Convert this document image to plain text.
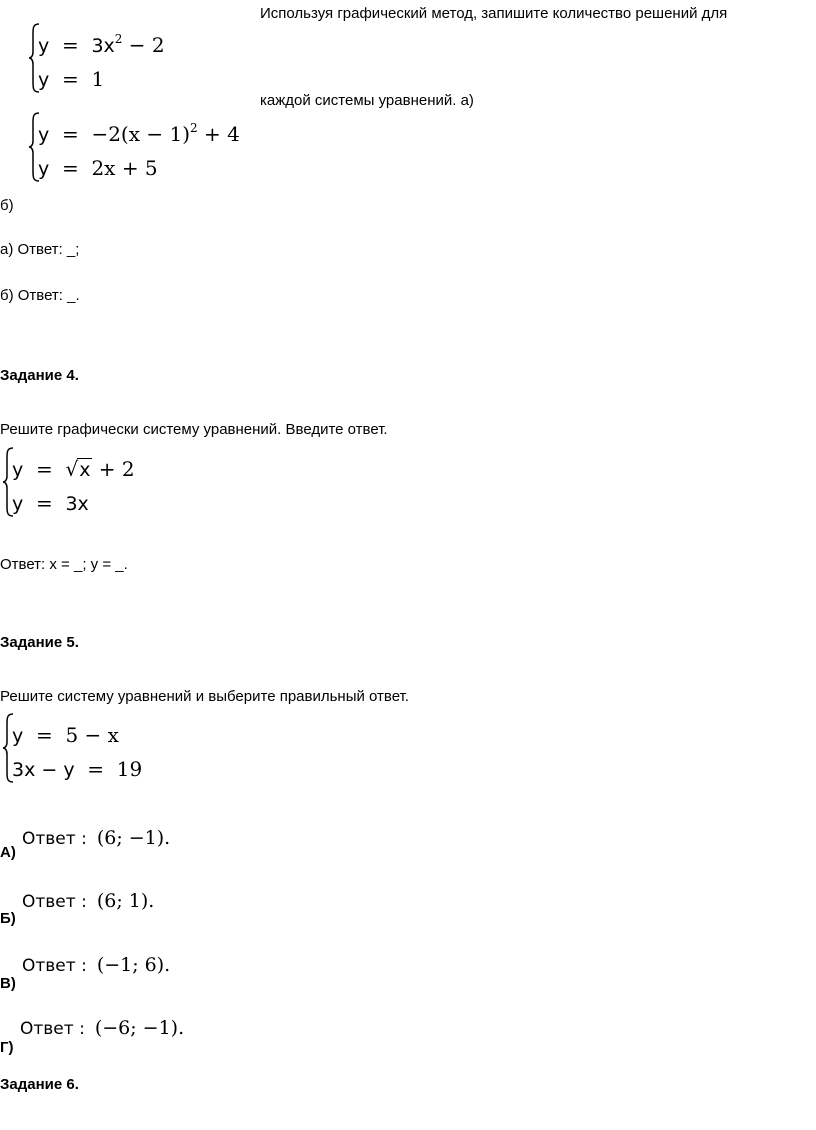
Используя графический метод, запишите количество решений для
каждой системы уравнений. а)
$y = 3x^2 - 2$
y = 1
$y = -2(x - 1)^2 + 4$
y = 2x + 5
б)
а) Ответ: _;
б) Ответ: _.
Задание 4.
Решите графически систему уравнений. Введите ответ.
y =  √x + 2
y = 3x
Ответ: x = _; y = _.
Задание 5.
Решите систему уравнений и выберите правильный ответ.
y = 5 − x
3x − y = 19
А)
Ответ : (6; −1).
Б)
Ответ : (6; 1).
В)
Ответ : (−1; 6).
Г)
Ответ : (−6; −1).
Задание 6.
